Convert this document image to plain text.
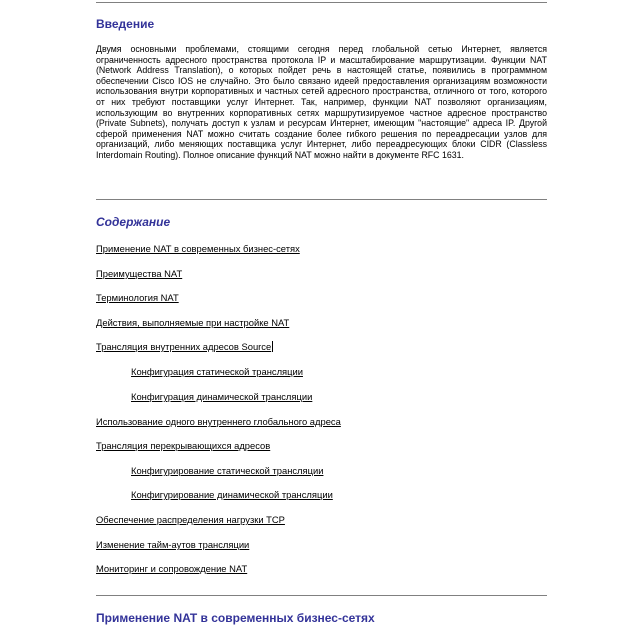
Введение

Двумя основными проблемами, стоящими сегодня перед глобальной сетью Интернет, является ограниченность адресного пространства протокола IP и масштабирование маршрутизации. Функции NAT (Network Address Translation), о которых пойдет речь в настоящей статье, появились в программном обеспечении Cisco IOS не случайно. Это было связано идеей предоставления организациям возможности использования внутри корпоративных и частных сетей адресного пространства, отличного от того, которого от них требуют поставщики услуг Интернет. Так, например, функции NAT позволяют организациям, использующим во внутренних корпоративных сетях маршрутизируемое частное адресное пространство (Private Subnets), получать доступ к узлам и ресурсам Интернет, имеющим "настоящие" адреса IP. Другой сферой применения NAT можно считать создание более гибкого решения по переадресации узлов для организаций, либо меняющих поставщика услуг Интернет, либо переадресующих блоки CIDR (Classless Interdomain Routing). Полное описание функций NAT можно найти в документе RFC 1631.

Содержание
Применение NAT в современных бизнес-сетях
Преимущества NAT
Терминология NAT
Действия, выполняемые при настройке NAT
Трансляция внутренних адресов Source
Конфигурация статической трансляции
Конфигурация динамической трансляции
Использование одного внутреннего глобального адреса
Трансляция перекрывающихся адресов
Конфигурирование статической трансляции
Конфигурирование динамической трансляции
Обеспечение распределения нагрузки TCP
Изменение тайм-аутов трансляции
Мониторинг и сопровождение NAT
Применение NAT в современных бизнес-сетях
